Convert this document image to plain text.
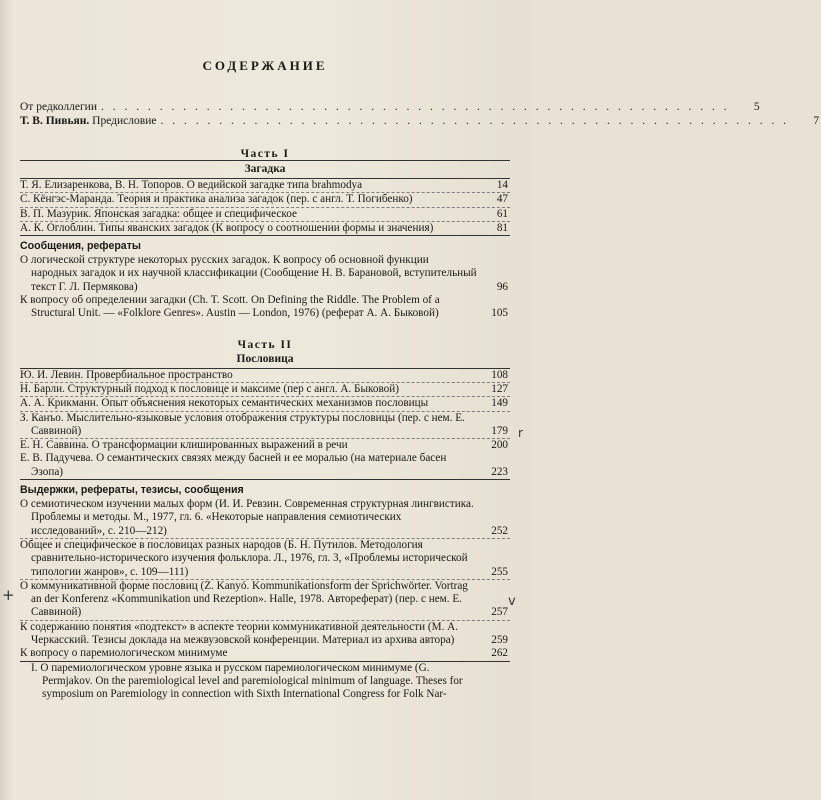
СОДЕРЖАНИЕ
От редколлегии . . . . . . . . . . . . . . . . . . . . . . . . . . . . . . . . . . . . . . . . . . . . . . . . . . . . . .	5
Т. В. Пивьян. Предисловие . . . . . . . . . . . . . . . . . . . . . . . . . . . . . . . . . . . . . . . . . . . . . . . . . . . . . .	7
Часть I
Загадка
Т. Я. Елизаренкова, В. Н. Топоров. О ведийской загадке типа brahmodya	14
С. Кёнгэс-Маранда. Теория и практика анализа загадок (пер. с англ. Т. Погибенко)	47
В. П. Мазурик. Японская загадка: общее и специфическое	61
А. К. Оглоблин. Типы яванских загадок (К вопросу о соотношении формы и значения)	81
Сообщения, рефераты
О логической структуре некоторых русских загадок. К вопросу об основной функции народных загадок и их научной классификации (Сообщение Н. В. Барановой, вступительный текст Г. Л. Пермякова)	96
К вопросу об определении загадки (Ch. T. Scott. On Defining the Riddle. The Problem of a Structural Unit. — «Folklore Genres». Austin — London, 1976) (реферат А. А. Быковой)	105
Часть II
Пословица
Ю. И. Левин. Провербиальное пространство	108
Н. Барли. Структурный подход к пословице и максиме (пер с англ. А. Быковой)	127
А. А. Крикманн. Опыт объяснения некоторых семантических механизмов пословицы	149
З. Канъо. Мыслительно-языковые условия отображения структуры пословицы (пер. с нем. Е. Саввиной)	179
Е. Н. Саввина. О трансформации клишированных выражений в речи	200
Е. В. Падучева. О семантических связях между басней и ее моралью (на материале басен Эзопа)	223
Выдержки, рефераты, тезисы, сообщения
О семиотическом изучении малых форм (И. И. Ревзин. Современная структурная лингвистика. Проблемы и методы. М., 1977, гл. 6. «Некоторые направления семиотических исследований», с. 210—212)	252
Общее и специфическое в пословицах разных народов (Б. Н. Путилов. Методология сравнительно-исторического изучения фольклора. Л., 1976, гл. 3, «Проблемы исторической типологии жанров», с. 109—111)	255
О коммуникативной форме пословиц (Z. Kanyó. Kommunikationsform der Sprichwörter. Vortrag an der Konferenz «Kommunikation und Rezeption». Halle, 1978. Автореферат) (пер. с нем. Е. Саввиной)	257
К содержанию понятия «подтекст» в аспекте теории коммуникативной деятельности (М. А. Черкасский. Тезисы доклада на межвузовской конференции. Материал из архива автора)	259
К вопросу о паремиологическом минимуме	262
I. О паремиологическом уровне языка и русском паремиологическом минимуме (G. Permjakov. On the paremiological level and paremiological minimum of language. Theses for symposium on Paremiology in connection with Sixth International Congress for Folk Nar-
+	v
r
